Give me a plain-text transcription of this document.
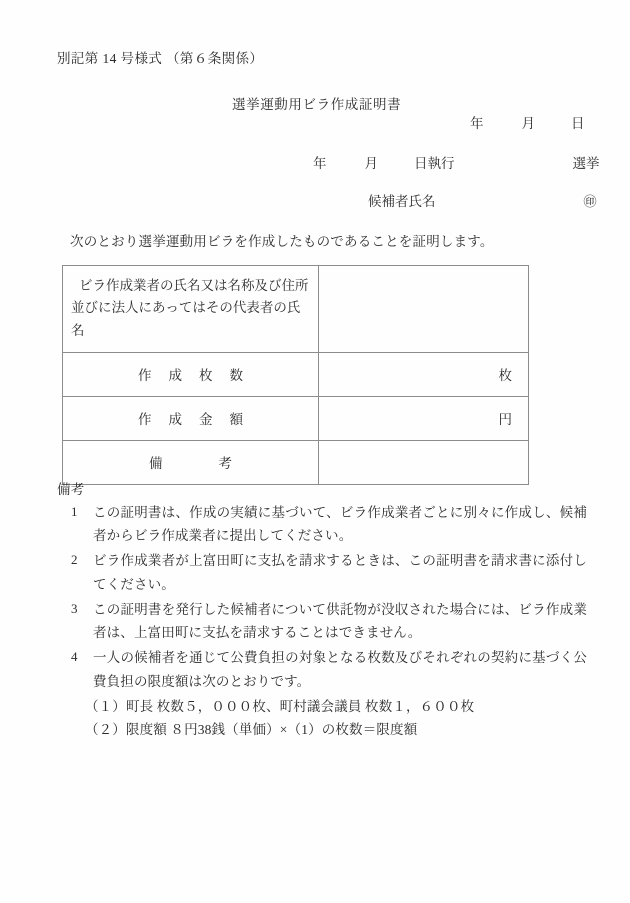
別記第 14 号様式 （第６条関係）
選挙運動用ビラ作成証明書
年	月	日
年	月	日執行	選挙
候補者氏名	㊞
次のとおり選挙運動用ビラを作成したものであることを証明します。
ビラ作成業者の氏名又は名称及び住所
並びに法人にあってはその代表者の氏名	

作成枚数	枚
作成金額	円
備考	
備考
1 この証明書は、作成の実績に基づいて、ビラ作成業者ごとに別々に作成し、候補者からビラ作成業者に提出してください。
2 ビラ作成業者が上富田町に支払を請求するときは、この証明書を請求書に添付してください。
3 この証明書を発行した候補者について供託物が没収された場合には、ビラ作成業者は、上富田町に支払を請求することはできません。
4 一人の候補者を通じて公費負担の対象となる枚数及びそれぞれの契約に基づく公費負担の限度額は次のとおりです。
（１）町長 枚数５，０００枚、町村議会議員 枚数１，６００枚
（２）限度額 ８円38銭（単価）×（1）の枚数＝限度額
